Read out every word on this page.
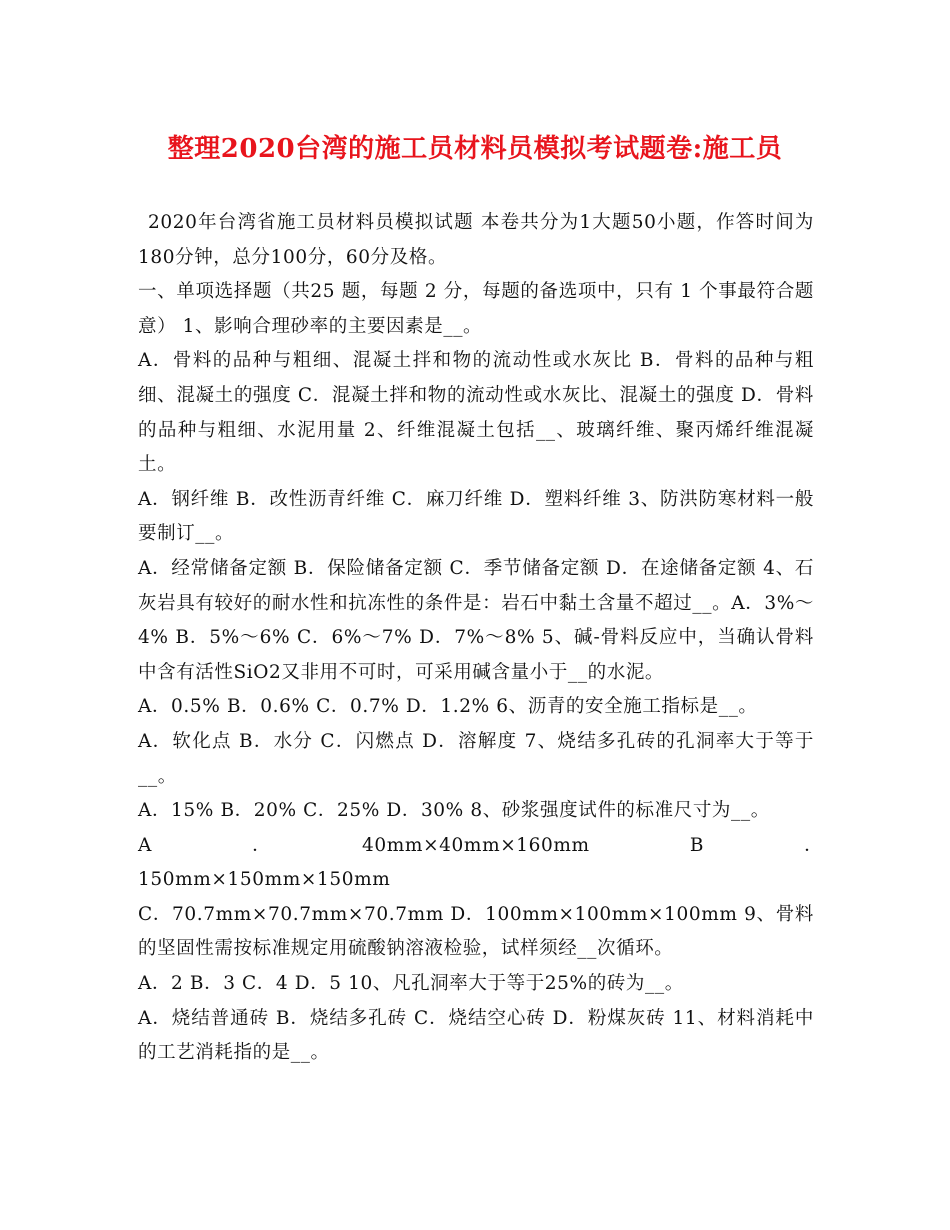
整理2020台湾的施工员材料员模拟考试题卷:施工员

2020年台湾省施工员材料员模拟试题 本卷共分为1大题50小题，作答时间为180分钟，总分100分，60分及格。

一、单项选择题（共25 题，每题 2 分，每题的备选项中，只有 1 个事最符合题意） 1、影响合理砂率的主要因素是__。

A．骨料的品种与粗细、混凝土拌和物的流动性或水灰比 B．骨料的品种与粗细、混凝土的强度 C．混凝土拌和物的流动性或水灰比、混凝土的强度 D．骨料的品种与粗细、水泥用量 2、纤维混凝土包括__、玻璃纤维、聚丙烯纤维混凝土。

A．钢纤维 B．改性沥青纤维 C．麻刀纤维 D．塑料纤维 3、防洪防寒材料一般要制订__。

A．经常储备定额 B．保险储备定额 C．季节储备定额 D．在途储备定额 4、石灰岩具有较好的耐水性和抗冻性的条件是：岩石中黏土含量不超过__。A．3%～4% B．5%～6% C．6%～7% D．7%～8% 5、碱-骨料反应中，当确认骨料中含有活性SiO2又非用不可时，可采用碱含量小于__的水泥。

A．0.5% B．0.6% C．0.7% D．1.2% 6、沥青的安全施工指标是__。

A．软化点 B．水分 C．闪燃点 D．溶解度 7、烧结多孔砖的孔洞率大于等于__。

A．15% B．20% C．25% D．30% 8、砂浆强度试件的标准尺寸为__。

A　　．　　40mm×40mm×160mm　　B　　．　　150mm×150mm×150mm

C．70.7mm×70.7mm×70.7mm D．100mm×100mm×100mm 9、骨料的坚固性需按标准规定用硫酸钠溶液检验，试样须经__次循环。

A．2 B．3 C．4 D．5 10、凡孔洞率大于等于25%的砖为__。

A．烧结普通砖 B．烧结多孔砖 C．烧结空心砖 D．粉煤灰砖 11、材料消耗中的工艺消耗指的是__。
